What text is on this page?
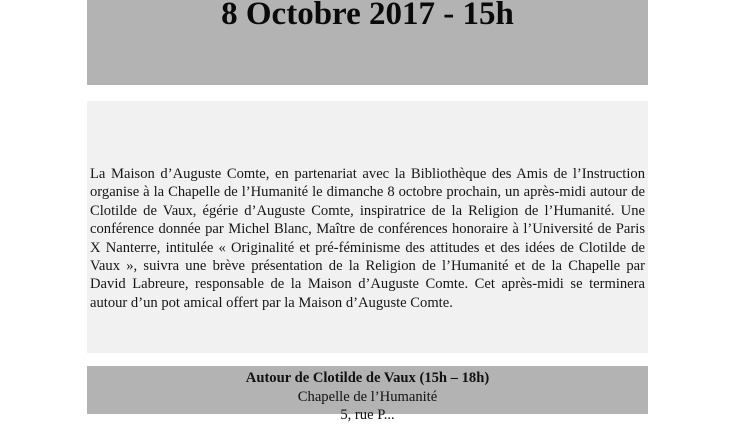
8 Octobre 2017 - 15h

La Maison d’Auguste Comte, en partenariat avec la Bibliothèque des Amis de l’Instruction organise à la Chapelle de l’Humanité le dimanche 8 octobre prochain, un après-midi autour de Clotilde de Vaux, égérie d’Auguste Comte, inspiratrice de la Religion de l’Humanité. Une conférence donnée par Michel Blanc, Maître de conférences honoraire à l’Université de Paris X Nanterre, intitulée « Originalité et pré-féminisme des attitudes et des idées de Clotilde de Vaux », suivra une brève présentation de la Religion de l’Humanité et de la Chapelle par David Labreure, responsable de la Maison d’Auguste Comte. Cet après-midi se terminera autour d’un pot amical offert par la Maison d’Auguste Comte.

Autour de Clotilde de Vaux (15h – 18h)
Chapelle de l’Humanité
5, rue P...
